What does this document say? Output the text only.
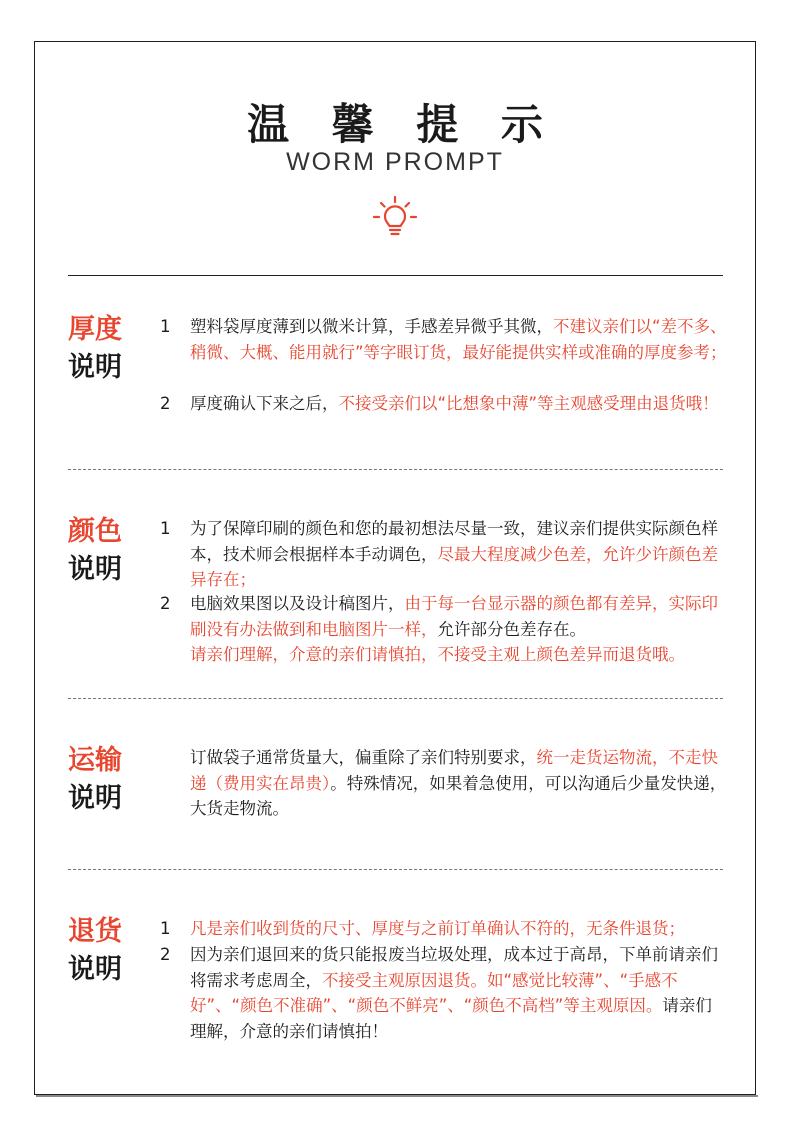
温 馨 提 示
WORM PROMPT
厚度
说明
1	塑料袋厚度薄到以微米计算，手感差异微乎其微，不建议亲们以“差不多、稍微、大概、能用就行”等字眼订货，最好能提供实样或准确的厚度参考；
2	厚度确认下来之后，不接受亲们以“比想象中薄”等主观感受理由退货哦！
颜色
说明
1	为了保障印刷的颜色和您的最初想法尽量一致，建议亲们提供实际颜色样本，技术师会根据样本手动调色，尽最大程度减少色差，允许少许颜色差异存在；
2	电脑效果图以及设计稿图片，由于每一台显示器的颜色都有差异，实际印刷没有办法做到和电脑图片一样，允许部分色差存在。
请亲们理解，介意的亲们请慎拍，不接受主观上颜色差异而退货哦。
运输
说明
订做袋子通常货量大，偏重除了亲们特别要求，统一走货运物流，不走快递（费用实在昂贵）。特殊情况，如果着急使用，可以沟通后少量发快递，大货走物流。
退货
说明
1	凡是亲们收到货的尺寸、厚度与之前订单确认不符的，无条件退货；
2	因为亲们退回来的货只能报废当垃圾处理，成本过于高昂，下单前请亲们将需求考虑周全，不接受主观原因退货。如“感觉比较薄”、“手感不好”、“颜色不准确”、“颜色不鲜亮”、“颜色不高档”等主观原因。请亲们理解，介意的亲们请慎拍！
